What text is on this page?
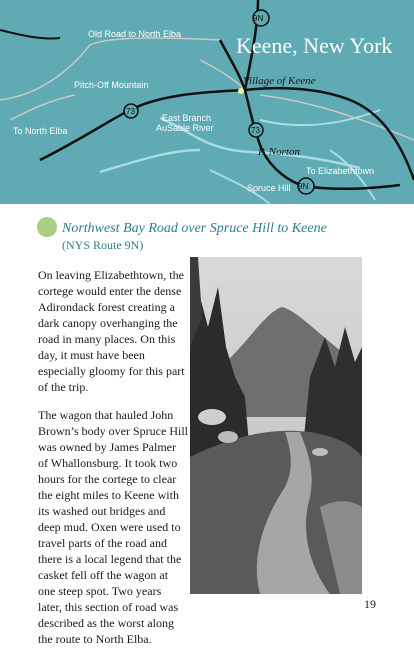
Old Road to North Elba
Pitch-Off Mountain
To North Elba
East Branch
AuSable River
To Elizabethtown
Spruce Hill
9N
73
73
9N
Keene, New York
Village of Keene
P. Norton
Northwest Bay Road over Spruce Hill to Keene
(NYS Route 9N)

On leaving Elizabethtown, the cortege would enter the dense Adirondack forest creating a dark canopy overhanging the road in many places. On this day, it must have been especially gloomy for this part of the trip.

The wagon that hauled John Brown’s body over Spruce Hill was owned by James Palmer of Whallonsburg. It took two hours for the cortege to clear the eight miles to Keene with its washed out bridges and deep mud. Oxen were used to travel parts of the road and there is a local legend that the casket fell off the wagon at one steep spot. Two years later, this section of road was described as the worst along the route to North Elba.

19
